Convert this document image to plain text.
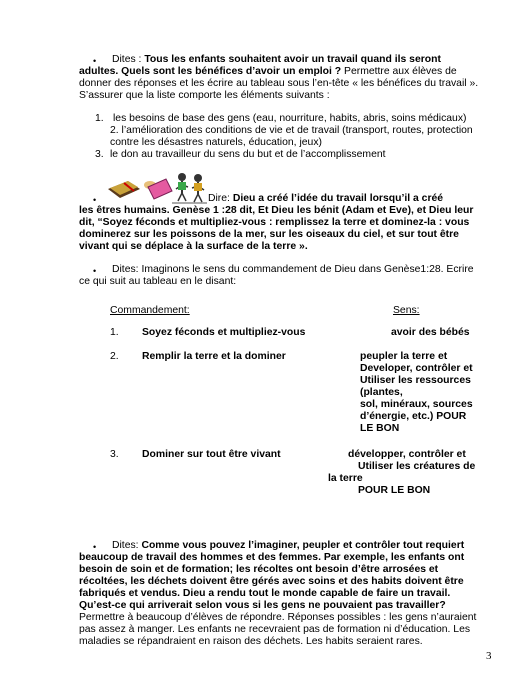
• Dites : Tous les enfants souhaitent avoir un travail quand ils seront
adultes. Quels sont les bénéfices d’avoir un emploi ? Permettre aux élèves de
donner des réponses et les écrire au tableau sous l’en-tête « les bénéfices du travail ».
S’assurer que la liste comporte les éléments suivants :
1. les besoins de base des gens (eau, nourriture, habits, abris, soins médicaux)
2. l’amélioration des conditions de vie et de travail (transport, routes, protection
contre les désastres naturels, éducation, jeux)
3. le don au travailleur du sens du but et de l’accomplissement
•	Dire: Dieu a créé l’idée du travail lorsqu’il a créé
les êtres humains. Genèse 1 :28 dit, Et Dieu les bénit (Adam et Eve), et Dieu leur
dit, “Soyez féconds et multipliez-vous : remplissez la terre et dominez-la : vous
dominerez sur les poissons de la mer, sur les oiseaux du ciel, et sur tout être
vivant qui se déplace à la surface de la terre ».
• Dites: Imaginons le sens du commandement de Dieu dans Genèse1:28. Ecrire
ce qui suit au tableau en le disant:
Commandement:	Sens:
1. Soyez féconds et multipliez-vous	avoir des bébés
2. Remplir la terre et la dominer	peupler la terre et
Developer, contrôler et
Utiliser les ressources
(plantes,
sol, minéraux, sources
d’énergie, etc.) POUR
LE BON
3. Dominer sur tout être vivant	développer, contrôler et
Utiliser les créatures de
la terre
POUR LE BON
• Dites: Comme vous pouvez l’imaginer, peupler et contrôler tout requiert
beaucoup de travail des hommes et des femmes. Par exemple, les enfants ont
besoin de soin et de formation; les récoltes ont besoin d’être arrosées et
récoltées, les déchets doivent être gérés avec soins et des habits doivent être
fabriqués et vendus. Dieu a rendu tout le monde capable de faire un travail.
Qu’est-ce qui arriverait selon vous si les gens ne pouvaient pas travailler?
Permettre à beaucoup d’élèves de répondre. Réponses possibles : les gens n’auraient
pas assez à manger. Les enfants ne recevraient pas de formation ni d’éducation. Les
maladies se répandraient en raison des déchets. Les habits seraient rares.
3
